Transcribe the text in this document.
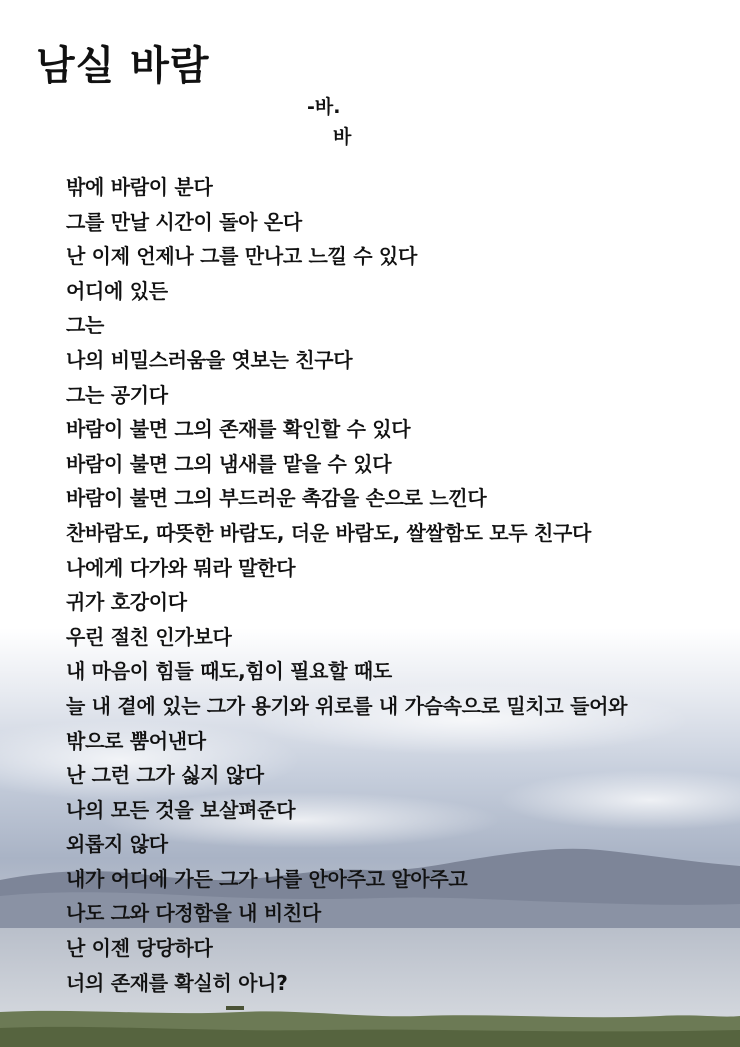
남실 바람
-바.
바
밖에 바람이 분다
그를 만날 시간이 돌아 온다
난 이제 언제나 그를 만나고 느낄 수 있다
어디에 있든
그는
나의 비밀스러움을 엿보는 친구다
그는 공기다
바람이 불면 그의 존재를 확인할 수 있다
바람이 불면 그의 냄새를 맡을 수 있다
바람이 불면 그의 부드러운 촉감을 손으로 느낀다
찬바람도, 따뜻한 바람도, 더운 바람도, 쌀쌀함도 모두 친구다
나에게 다가와 뭐라 말한다
귀가 호강이다
우린 절친 인가보다
내 마음이 힘들 때도,힘이 필요할 때도
늘 내 곁에 있는 그가 용기와 위로를 내 가슴속으로 밀치고 들어와
밖으로 뿜어낸다
난 그런 그가 싫지 않다
나의 모든 것을 보살펴준다
외롭지 않다
내가 어디에 가든 그가 나를 안아주고 알아주고
나도 그와 다정함을 내 비친다
난 이젠 당당하다
너의 존재를 확실히 아니?
